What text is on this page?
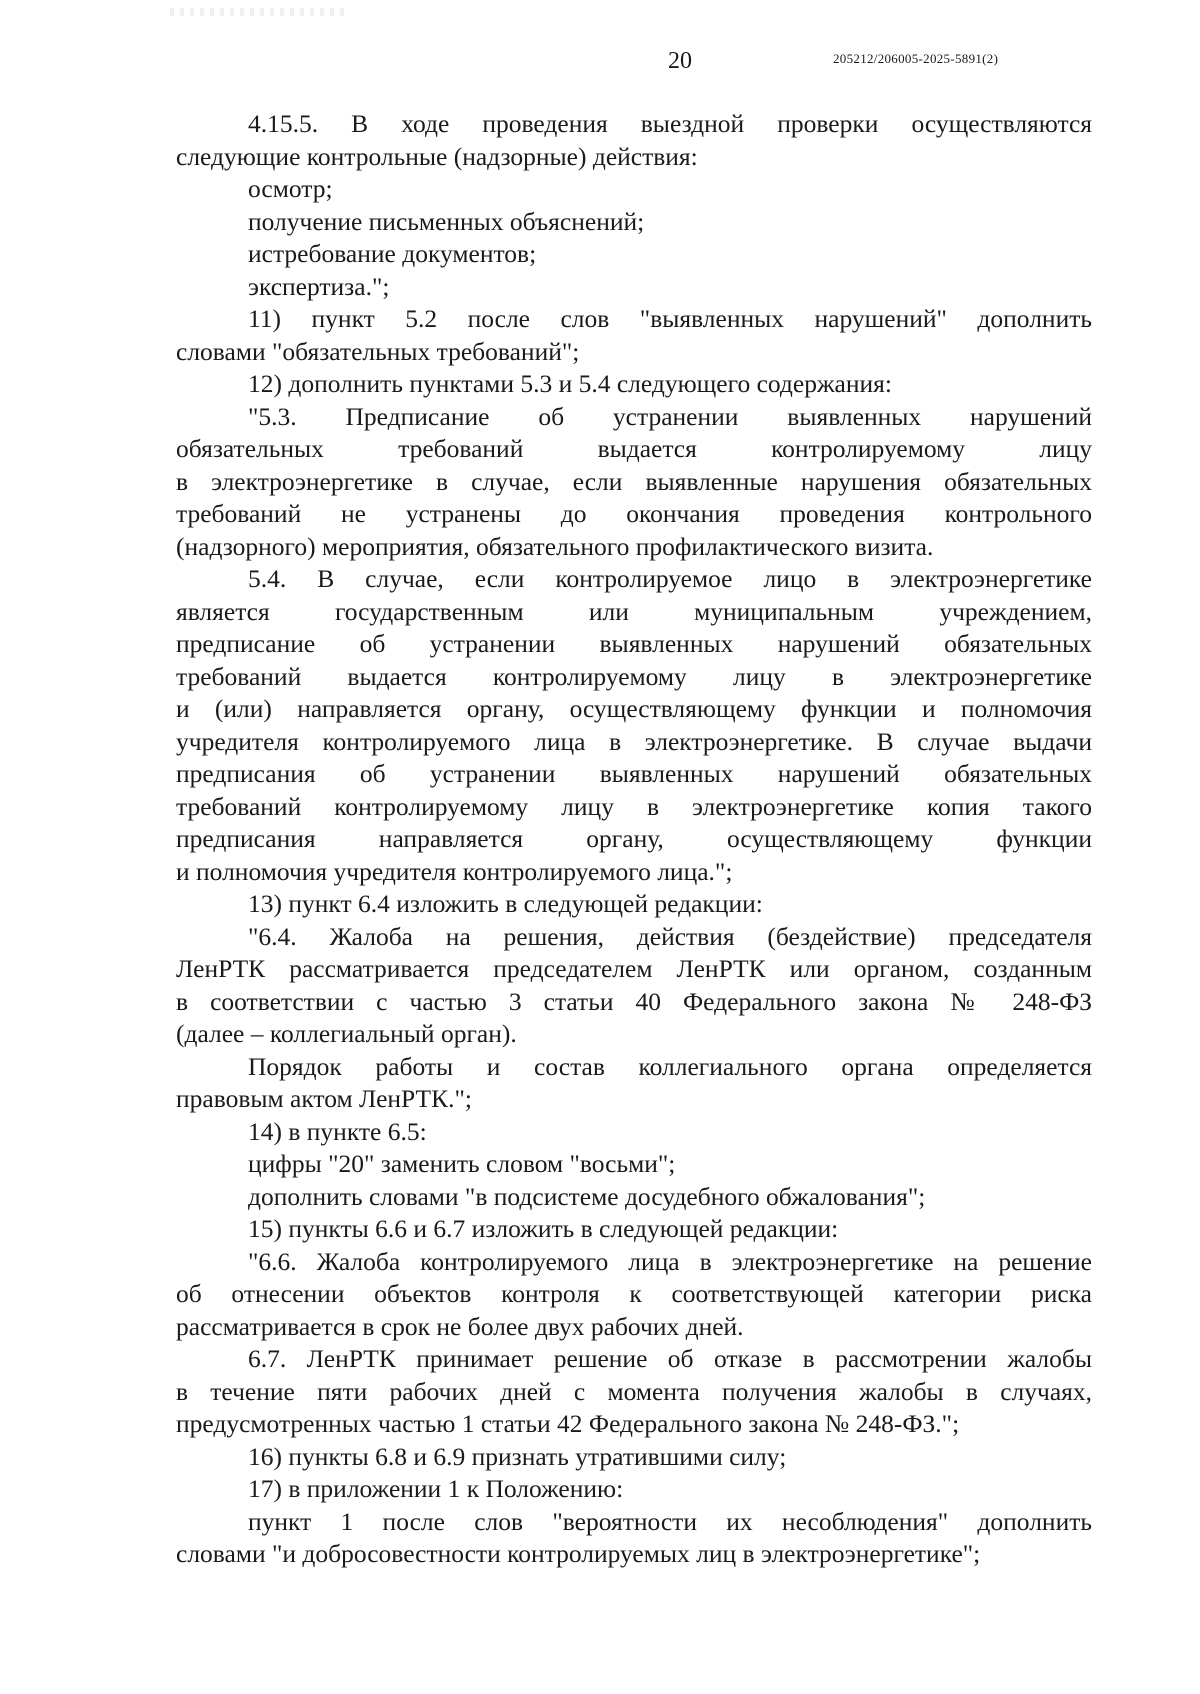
20	205212/206005-2025-5891(2)
4.15.5. В ходе проведения выездной проверки осуществляются
следующие контрольные (надзорные) действия:
осмотр;
получение письменных объяснений;
истребование документов;
экспертиза.";
11) пункт 5.2 после слов "выявленных нарушений" дополнить
словами "обязательных требований";
12) дополнить пунктами 5.3 и 5.4 следующего содержания:
"5.3. Предписание об устранении выявленных нарушений
обязательных требований выдается контролируемому лицу
в электроэнергетике в случае, если выявленные нарушения обязательных
требований не устранены до окончания проведения контрольного
(надзорного) мероприятия, обязательного профилактического визита.
5.4. В случае, если контролируемое лицо в электроэнергетике
является государственным или муниципальным учреждением,
предписание об устранении выявленных нарушений обязательных
требований выдается контролируемому лицу в электроэнергетике
и (или) направляется органу, осуществляющему функции и полномочия
учредителя контролируемого лица в электроэнергетике. В случае выдачи
предписания об устранении выявленных нарушений обязательных
требований контролируемому лицу в электроэнергетике копия такого
предписания направляется органу, осуществляющему функции
и полномочия учредителя контролируемого лица.";
13) пункт 6.4 изложить в следующей редакции:
"6.4. Жалоба на решения, действия (бездействие) председателя
ЛенРТК рассматривается председателем ЛенРТК или органом, созданным
в соответствии с частью 3 статьи 40 Федерального закона № 248-ФЗ
(далее – коллегиальный орган).
Порядок работы и состав коллегиального органа определяется
правовым актом ЛенРТК.";
14) в пункте 6.5:
цифры "20" заменить словом "восьми";
дополнить словами "в подсистеме досудебного обжалования";
15) пункты 6.6 и 6.7 изложить в следующей редакции:
"6.6. Жалоба контролируемого лица в электроэнергетике на решение
об отнесении объектов контроля к соответствующей категории риска
рассматривается в срок не более двух рабочих дней.
6.7. ЛенРТК принимает решение об отказе в рассмотрении жалобы
в течение пяти рабочих дней с момента получения жалобы в случаях,
предусмотренных частью 1 статьи 42 Федерального закона № 248-ФЗ.";
16) пункты 6.8 и 6.9 признать утратившими силу;
17) в приложении 1 к Положению:
пункт 1 после слов "вероятности их несоблюдения" дополнить
словами "и добросовестности контролируемых лиц в электроэнергетике";
